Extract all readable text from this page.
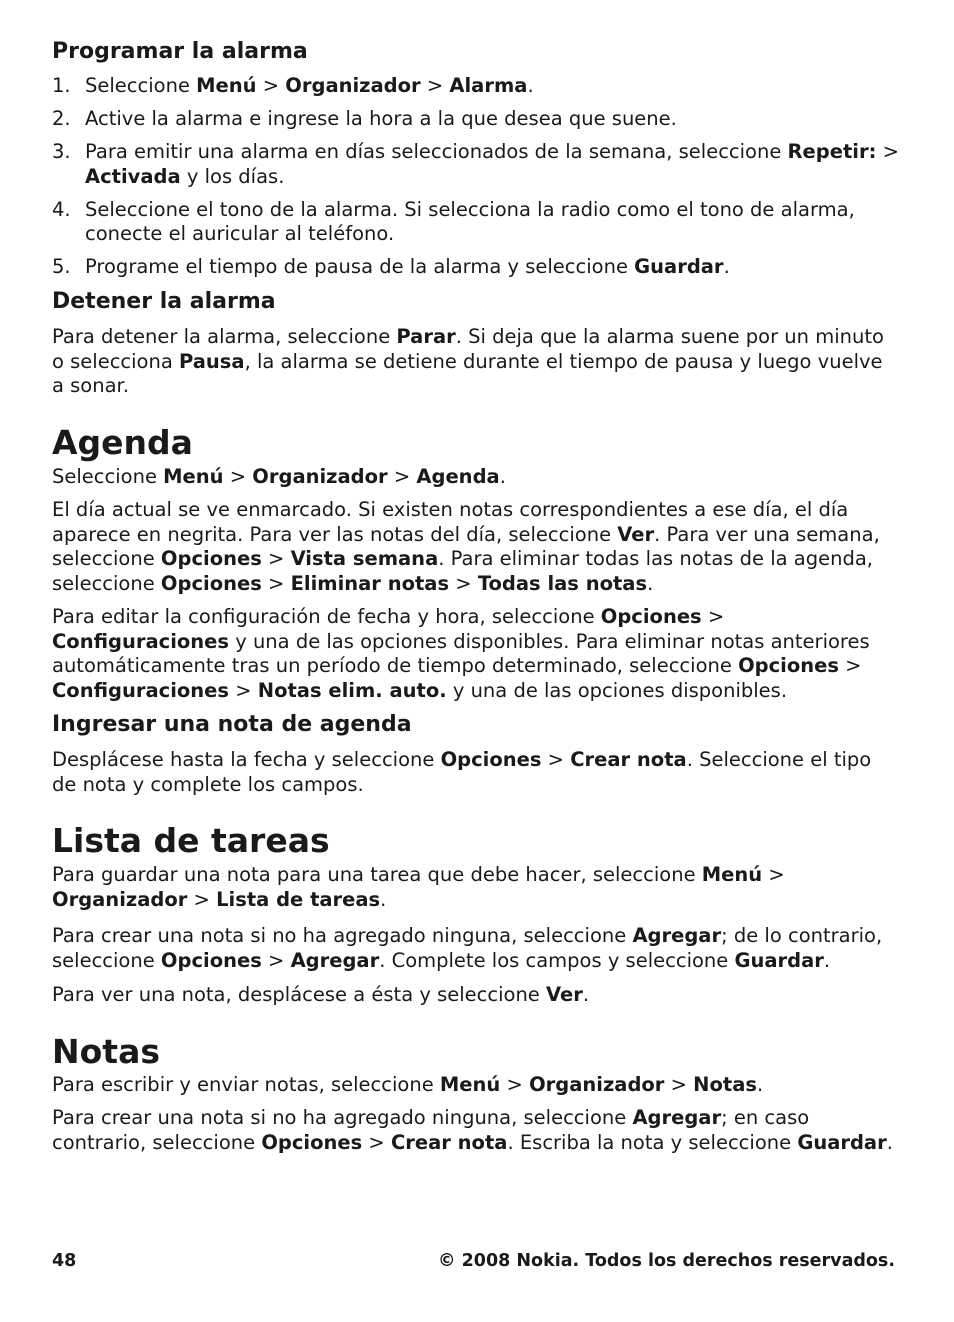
Programar la alarma
1. Seleccione Menú > Organizador > Alarma.
2. Active la alarma e ingrese la hora a la que desea que suene.
3. Para emitir una alarma en días seleccionados de la semana, seleccione Repetir: > Activada y los días.
4. Seleccione el tono de la alarma. Si selecciona la radio como el tono de alarma, conecte el auricular al teléfono.
5. Programe el tiempo de pausa de la alarma y seleccione Guardar.
Detener la alarma

Para detener la alarma, seleccione Parar. Si deja que la alarma suene por un minuto o selecciona Pausa, la alarma se detiene durante el tiempo de pausa y luego vuelve a sonar.

Agenda

Seleccione Menú > Organizador > Agenda.

El día actual se ve enmarcado. Si existen notas correspondientes a ese día, el día aparece en negrita. Para ver las notas del día, seleccione Ver. Para ver una semana, seleccione Opciones > Vista semana. Para eliminar todas las notas de la agenda, seleccione Opciones > Eliminar notas > Todas las notas.

Para editar la configuración de fecha y hora, seleccione Opciones > Configuraciones y una de las opciones disponibles. Para eliminar notas anteriores automáticamente tras un período de tiempo determinado, seleccione Opciones > Configuraciones > Notas elim. auto. y una de las opciones disponibles.

Ingresar una nota de agenda

Desplácese hasta la fecha y seleccione Opciones > Crear nota. Seleccione el tipo de nota y complete los campos.

Lista de tareas

Para guardar una nota para una tarea que debe hacer, seleccione Menú > Organizador > Lista de tareas.

Para crear una nota si no ha agregado ninguna, seleccione Agregar; de lo contrario, seleccione Opciones > Agregar. Complete los campos y seleccione Guardar.

Para ver una nota, desplácese a ésta y seleccione Ver.

Notas

Para escribir y enviar notas, seleccione Menú > Organizador > Notas.

Para crear una nota si no ha agregado ninguna, seleccione Agregar; en caso contrario, seleccione Opciones > Crear nota. Escriba la nota y seleccione Guardar.

48	© 2008 Nokia. Todos los derechos reservados.
